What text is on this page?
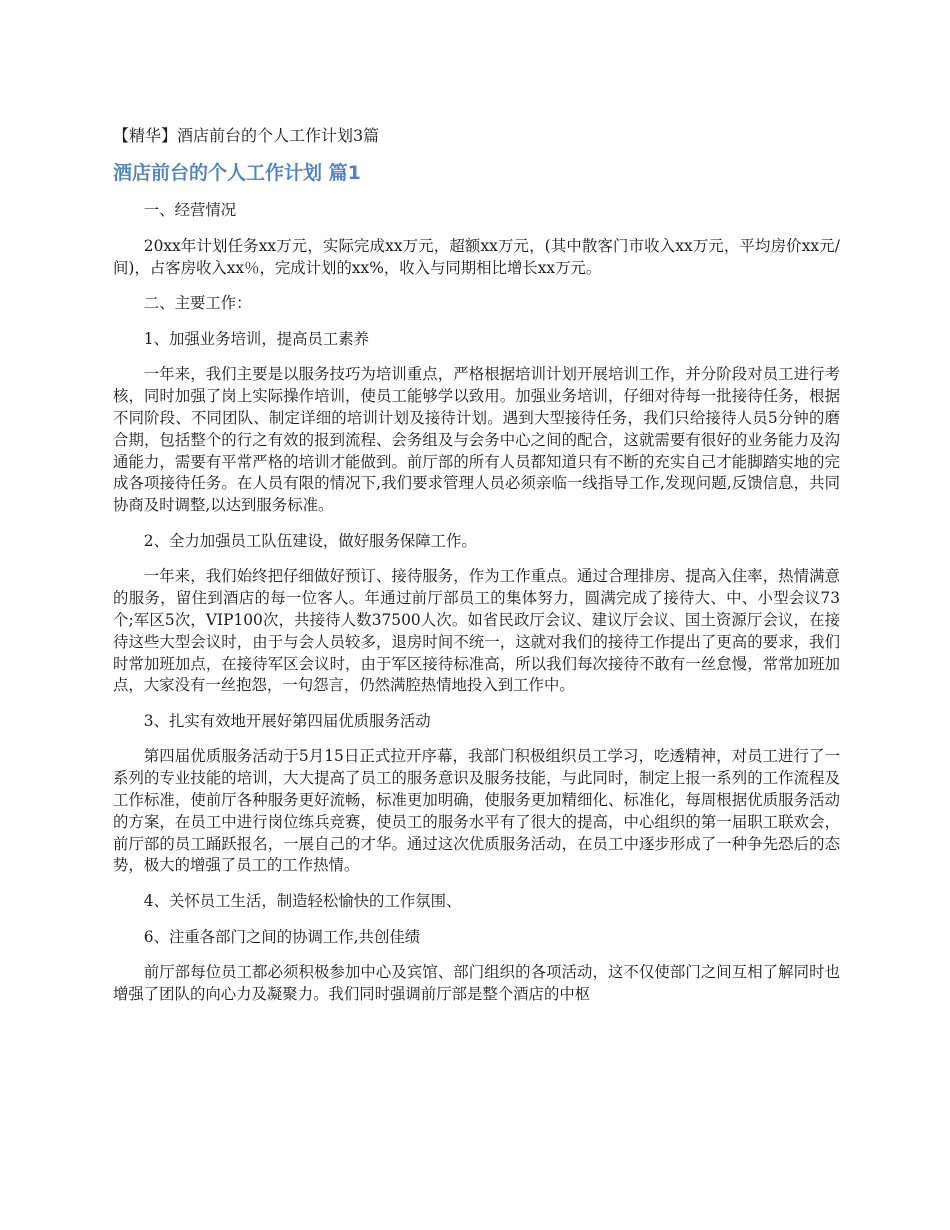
【精华】酒店前台的个人工作计划3篇
酒店前台的个人工作计划 篇1

一、经营情况

20xx年计划任务xx万元，实际完成xx万元，超额xx万元，(其中散客门市收入xx万元，平均房价xx元/间)，占客房收入xx％，完成计划的xx%，收入与同期相比增长xx万元。

二、主要工作：

1、加强业务培训，提高员工素养

一年来，我们主要是以服务技巧为培训重点，严格根据培训计划开展培训工作，并分阶段对员工进行考核，同时加强了岗上实际操作培训，使员工能够学以致用。加强业务培训，仔细对待每一批接待任务，根据不同阶段、不同团队、制定详细的培训计划及接待计划。遇到大型接待任务，我们只给接待人员5分钟的磨合期，包括整个的行之有效的报到流程、会务组及与会务中心之间的配合，这就需要有很好的业务能力及沟通能力，需要有平常严格的培训才能做到。前厅部的所有人员都知道只有不断的充实自己才能脚踏实地的完成各项接待任务。在人员有限的情况下,我们要求管理人员必须亲临一线指导工作,发现问题,反馈信息，共同协商及时调整,以达到服务标准。

2、全力加强员工队伍建设，做好服务保障工作。

一年来，我们始终把仔细做好预订、接待服务，作为工作重点。通过合理排房、提高入住率，热情满意的服务，留住到酒店的每一位客人。年通过前厅部员工的集体努力，圆满完成了接待大、中、小型会议73个;军区5次，VIP100次，共接待人数37500人次。如省民政厅会议、建议厅会议、国土资源厅会议，在接待这些大型会议时，由于与会人员较多，退房时间不统一，这就对我们的接待工作提出了更高的要求，我们时常加班加点，在接待军区会议时，由于军区接待标准高，所以我们每次接待不敢有一丝怠慢，常常加班加点，大家没有一丝抱怨，一句怨言，仍然满腔热情地投入到工作中。

3、扎实有效地开展好第四届优质服务活动

第四届优质服务活动于5月15日正式拉开序幕，我部门积极组织员工学习，吃透精神，对员工进行了一系列的专业技能的培训，大大提高了员工的服务意识及服务技能，与此同时，制定上报一系列的工作流程及工作标准，使前厅各种服务更好流畅，标准更加明确，使服务更加精细化、标准化，每周根据优质服务活动的方案，在员工中进行岗位练兵竞赛，使员工的服务水平有了很大的提高，中心组织的第一届职工联欢会，前厅部的员工踊跃报名，一展自己的才华。通过这次优质服务活动，在员工中逐步形成了一种争先恐后的态势，极大的增强了员工的工作热情。

4、关怀员工生活，制造轻松愉快的工作氛围、

6、注重各部门之间的协调工作,共创佳绩

前厅部每位员工都必须积极参加中心及宾馆、部门组织的各项活动，这不仅使部门之间互相了解同时也增强了团队的向心力及凝聚力。我们同时强调前厅部是整个酒店的中枢
